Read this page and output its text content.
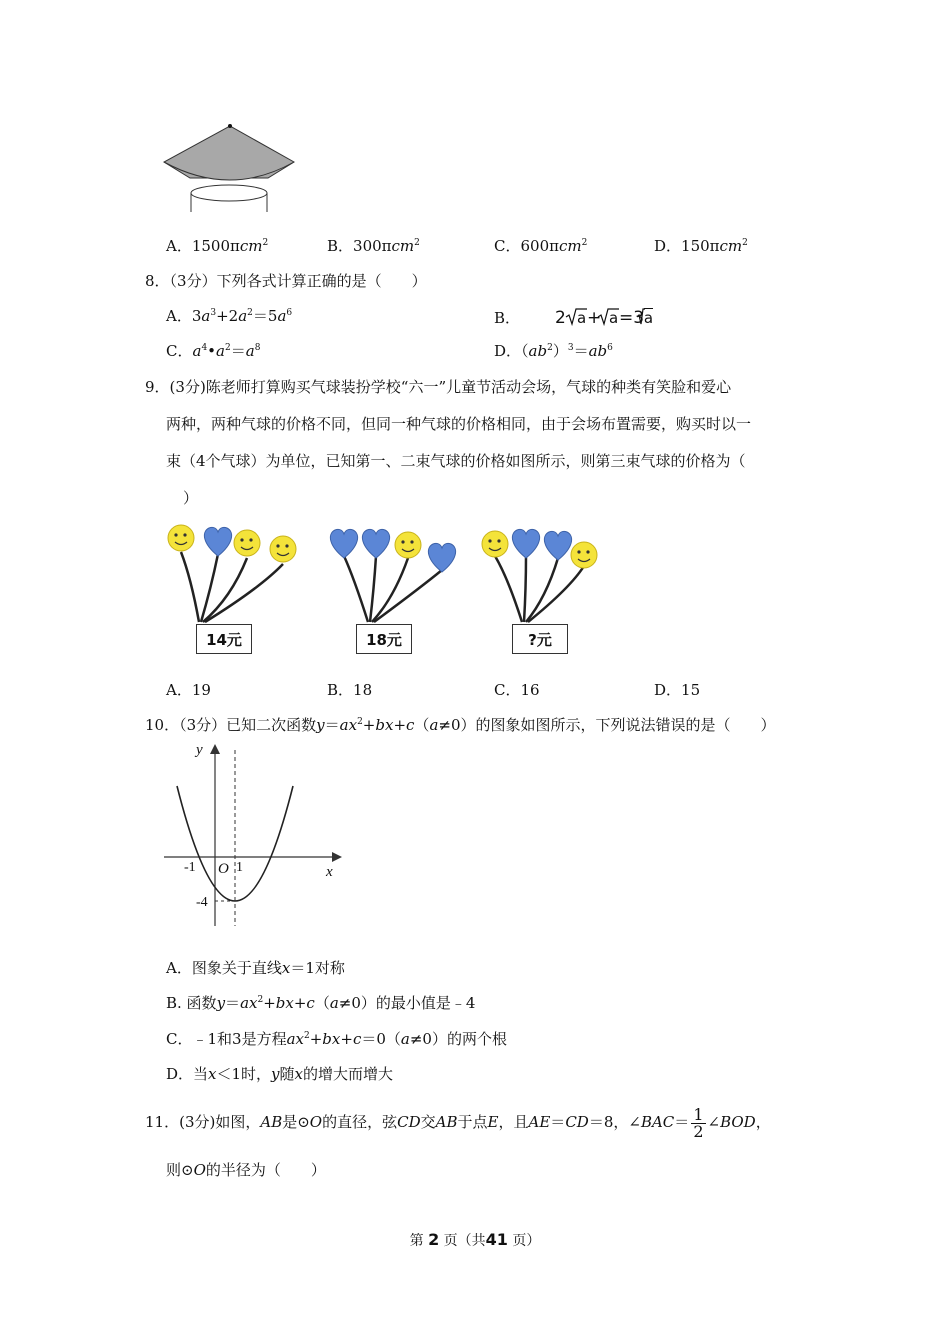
A．1500πcm$^2$	B．300πcm$^2$	C．600πcm$^2$	D．150πcm$^2$
8．（3分）下列各式计算正确的是（　　）
A．$3a^3+2a^2=5a^6$	B． 2 a + a =3 a
C．$a^4•a^2=a^8$	D．$(ab^2)^3=ab^6$
9．(3分)陈老师打算购买气球装扮学校“六一”儿童节活动会场，气球的种类有笑脸和爱心
两种，两种气球的价格不同，但同一种气球的价格相同，由于会场布置需要，购买时以一
束（4个气球）为单位，已知第一、二束气球的价格如图所示，则第三束气球的价格为（
）
14元	18元	?元
A．19	B．18	C．16	D．15
10．（3分）已知二次函数$y=ax^2+bx+c(a\ne 0)$的图象如图所示，下列说法错误的是（　　）
y
x
O
-1	1
-4
A．图象关于直线x＝1对称
B. 函数$y=ax^2+bx+c(a\ne 0)$的最小值是﹣4
C．﹣1和3是方程$ax^2+bx+c=0(a\ne 0)$的两个根
D．当x＜1时，y随x的增大而增大
11．(3分)如图，AB是⊙O的直径，弦CD交AB于点E，且AE＝CD＝8，∠BAC＝ $\frac{1}{2}$ ∠BOD，
则⊙O的半径为（　　）
第 2 页（共41 页）
